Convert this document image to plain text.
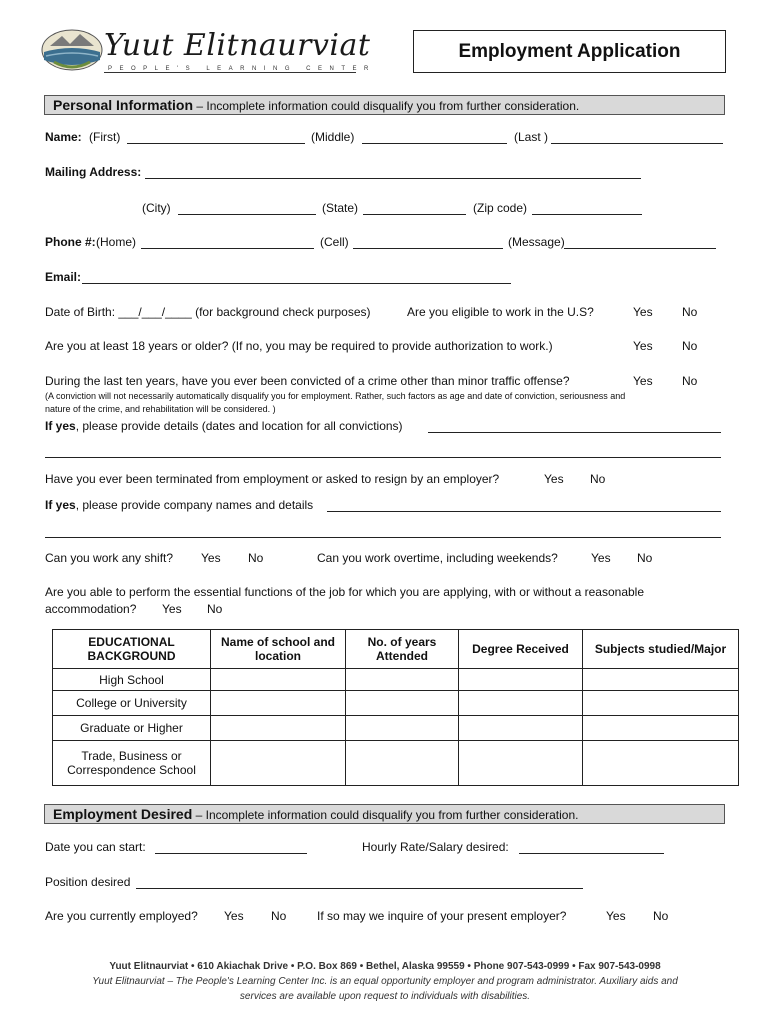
Yuut Elitnaurviat
PEOPLE'S LEARNING CENTER
Employment Application
Personal Information – Incomplete information could disqualify you from further consideration.
Name: (First)	(Middle)	(Last )
Mailing Address:
(City)	(State)	(Zip code)
Phone #: (Home)	(Cell)	(Message)
Email:
Date of Birth: ___/___/____ (for background check purposes)	Are you eligible to work in the U.S?	Yes No
Are you at least 18 years or older? (If no, you may be required to provide authorization to work.)	Yes No
During the last ten years, have you ever been convicted of a crime other than minor traffic offense?	Yes No
(A conviction will not necessarily automatically disqualify you for employment. Rather, such factors as age and date of conviction, seriousness and
nature of the crime, and rehabilitation will be considered. )
If yes, please provide details (dates and location for all convictions)
Have you ever been terminated from employment or asked to resign by an employer?	Yes No
If yes, please provide company names and details
Can you work any shift? Yes No	Can you work overtime, including weekends?	Yes No
Are you able to perform the essential functions of the job for which you are applying, with or without a reasonable
accommodation? Yes No
EDUCATIONAL BACKGROUND	Name of school and location	No. of years Attended	Degree Received	Subjects studied/Major
High School				
College or University				
Graduate or Higher				
Trade, Business or Correspondence School				
Employment Desired – Incomplete information could disqualify you from further consideration.
Date you can start:	Hourly Rate/Salary desired:
Position desired
Are you currently employed? Yes No	If so may we inquire of your present employer?	Yes No
Yuut Elitnaurviat • 610 Akiachak Drive • P.O. Box 869 • Bethel, Alaska 99559 • Phone 907-543-0999 • Fax 907-543-0998
Yuut Elitnaurviat – The People's Learning Center Inc. is an equal opportunity employer and program administrator. Auxiliary aids and
services are available upon request to individuals with disabilities.
